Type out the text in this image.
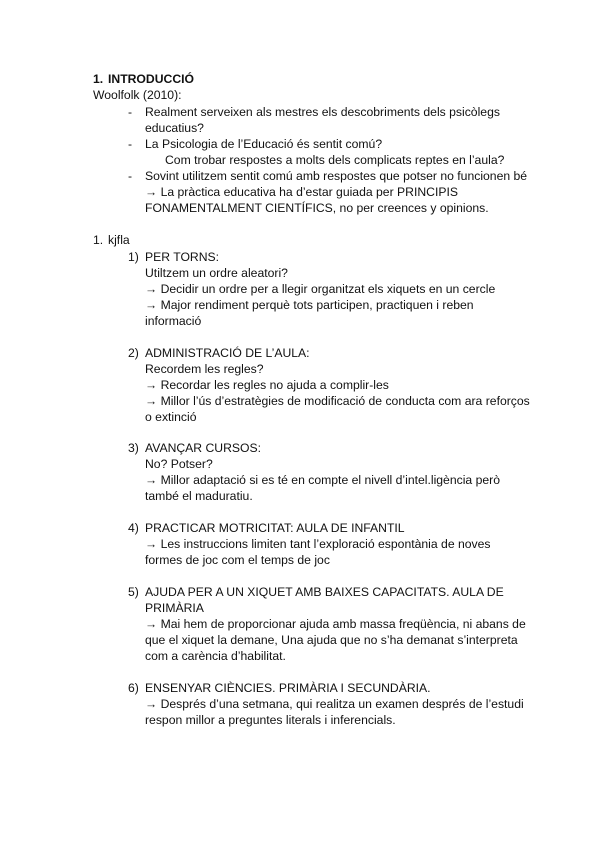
1. INTRODUCCIÓ
Woolfolk (2010):
- Realment serveixen als mestres els descobriments dels psicòlegs
educatius?
- La Psicologia de l’Educació és sentit comú?
Com trobar respostes a molts dels complicats reptes en l’aula?
- Sovint utilitzem sentit comú amb respostes que potser no funcionen bé
→ La pràctica educativa ha d’estar guiada per PRINCIPIS
FONAMENTALMENT CIENTÍFICS, no per creences y opinions.
1. kjfla
1) PER TORNS:
Utiltzem un ordre aleatori?
→ Decidir un ordre per a llegir organitzat els xiquets en un cercle
→ Major rendiment perquè tots participen, practiquen i reben
informació
2) ADMINISTRACIÓ DE L’AULA:
Recordem les regles?
→ Recordar les regles no ajuda a complir-les
→ Millor l’ús d’estratègies de modificació de conducta com ara reforços
o extinció
3) AVANÇAR CURSOS:
No? Potser?
→ Millor adaptació si es té en compte el nivell d’intel.ligència però
també el maduratiu.
4) PRACTICAR MOTRICITAT: AULA DE INFANTIL
→ Les instruccions limiten tant l’exploració espontània de noves
formes de joc com el temps de joc
5) AJUDA PER A UN XIQUET AMB BAIXES CAPACITATS. AULA DE
PRIMÀRIA
→ Mai hem de proporcionar ajuda amb massa freqüència, ni abans de
que el xiquet la demane, Una ajuda que no s’ha demanat s’interpreta
com a carència d’habilitat.
6) ENSENYAR CIÈNCIES. PRIMÀRIA I SECUNDÀRIA.
→ Després d’una setmana, qui realitza un examen després de l’estudi
respon millor a preguntes literals i inferencials.
